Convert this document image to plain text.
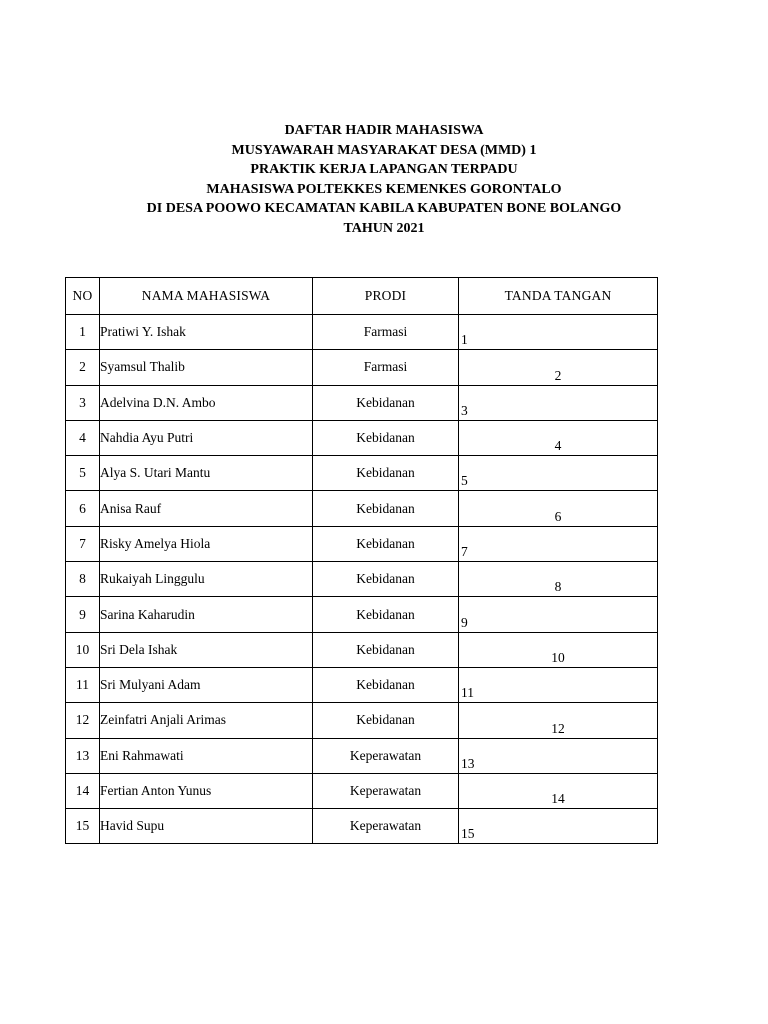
DAFTAR HADIR MAHASISWA
MUSYAWARAH MASYARAKAT DESA (MMD) 1
PRAKTIK KERJA LAPANGAN TERPADU
MAHASISWA POLTEKKES KEMENKES GORONTALO
DI DESA POOWO KECAMATAN KABILA KABUPATEN BONE BOLANGO
TAHUN 2021
NO	NAMA MAHASISWA	PRODI	TANDA TANGAN
1	Pratiwi Y. Ishak	Farmasi	1

2	Syamsul Thalib	Farmasi	2

3	Adelvina D.N. Ambo	Kebidanan	3

4	Nahdia Ayu Putri	Kebidanan	4

5	Alya S. Utari Mantu	Kebidanan	5

6	Anisa Rauf	Kebidanan	6

7	Risky Amelya Hiola	Kebidanan	7

8	Rukaiyah Linggulu	Kebidanan	8

9	Sarina Kaharudin	Kebidanan	9

10	Sri Dela Ishak	Kebidanan	10

11	Sri Mulyani Adam	Kebidanan	11

12	Zeinfatri Anjali Arimas	Kebidanan	12

13	Eni Rahmawati	Keperawatan	13

14	Fertian Anton Yunus	Keperawatan	14

15	Havid Supu	Keperawatan	15
